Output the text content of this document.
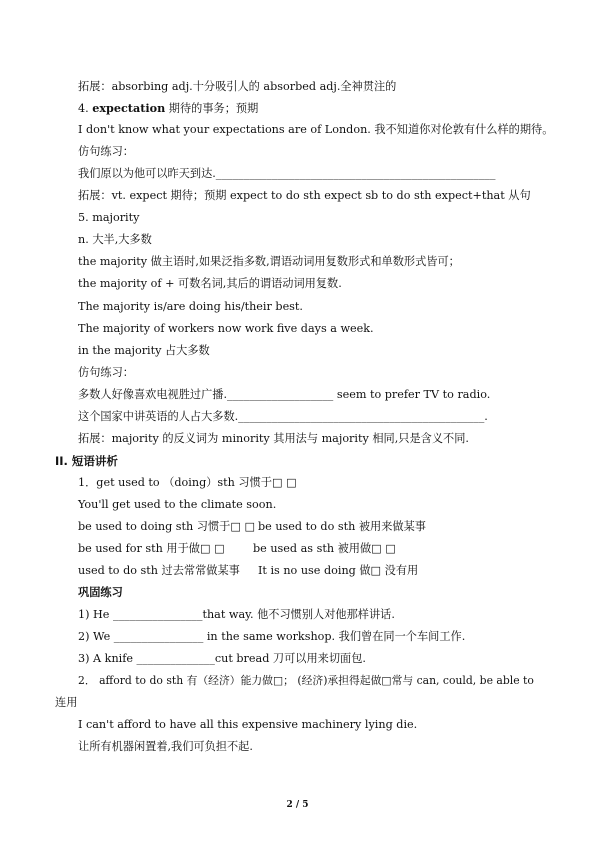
拓展：absorbing adj.十分吸引人的 absorbed adj.全神贯注的
4. expectation 期待的事务；预期
I don't know what your expectations are of London. 我不知道你对伦敦有什么样的期待。
仿句练习：
我们原以为他可以昨天到达.__________________________________________________
拓展：vt. expect 期待；预期 expect to do sth expect sb to do sth expect+that 从句
5. majority
n. 大半,大多数
the majority 做主语时,如果泛指多数,谓语动词用复数形式和单数形式皆可；
the majority of + 可数名词,其后的谓语动词用复数.
The majority is/are doing his/their best.
The majority of workers now work five days a week.
in the majority 占大多数
仿句练习：
多数人好像喜欢电视胜过广播.___________________ seem to prefer TV to radio.
这个国家中讲英语的人占大多数.____________________________________________.
拓展：majority 的反义词为 minority 其用法与 majority 相同,只是含义不同.
II. 短语讲析
1．get used to （doing）sth 习惯于□ □
You'll get used to the climate soon.
be used to doing sth 习惯于□ □ be used to do sth 被用来做某事
be used for sth 用于做□ □	be used as sth 被用做□ □
used to do sth 过去常常做某事 It is no use doing 做□ 没有用
巩固练习
1) He ________________that way. 他不习惯别人对他那样讲话.
2) We ________________ in the same workshop. 我们曾在同一个车间工作.
3) A knife ______________cut bread 刀可以用来切面包.
2． afford to do sth 有（经济）能力做□； (经济)承担得起做□常与 can, could, be able to
连用
I can't afford to have all this expensive machinery lying die.
让所有机器闲置着,我们可负担不起.
2 / 5
